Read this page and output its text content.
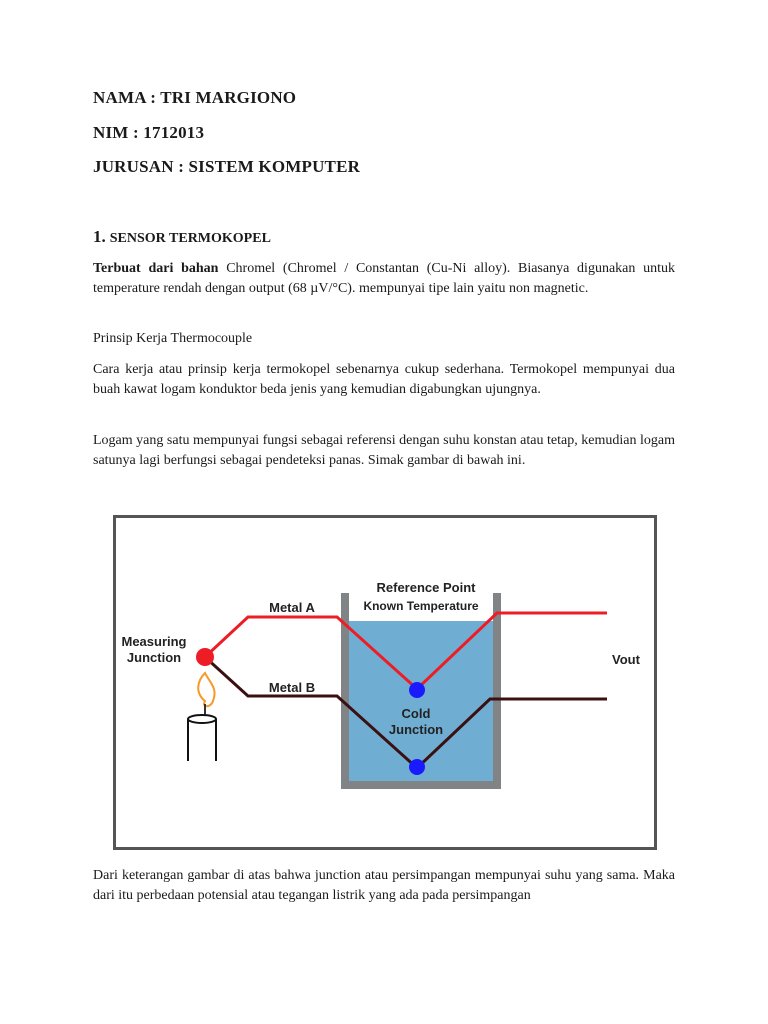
NAMA : TRI MARGIONO
NIM : 1712013
JURUSAN : SISTEM KOMPUTER
1. SENSOR TERMOKOPEL

Terbuat dari bahan Chromel (Chromel / Constantan (Cu-Ni alloy). Biasanya digunakan untuk temperature rendah dengan output (68 µV/°C). mempunyai tipe lain yaitu non magnetic.

Prinsip Kerja Thermocouple

Cara kerja atau prinsip kerja termokopel sebenarnya cukup sederhana. Termokopel mempunyai dua buah kawat logam konduktor beda jenis yang kemudian digabungkan ujungnya.

Logam yang satu mempunyai fungsi sebagai referensi dengan suhu konstan atau tetap, kemudian logam satunya lagi berfungsi sebagai pendeteksi panas. Simak gambar di bawah ini.

Dari keterangan gambar di atas bahwa junction atau persimpangan mempunyai suhu yang sama. Maka dari itu perbedaan potensial atau tegangan listrik yang ada pada persimpangan

Measuring
Junction
Metal A
Metal B
Reference Point
Known Temperature
Vout
Cold
Junction
